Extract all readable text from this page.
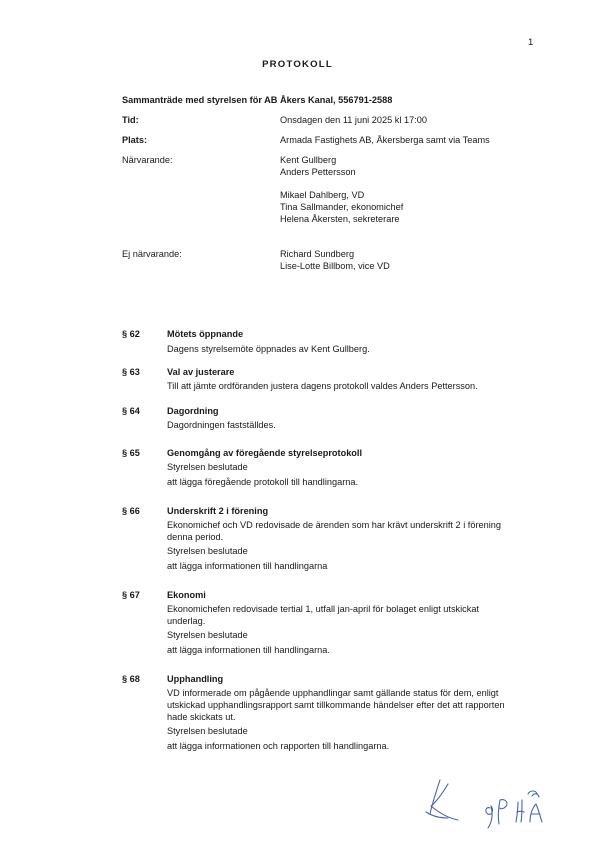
1
PROTOKOLL
Sammanträde med styrelsen för AB Åkers Kanal, 556791-2588
Tid:	Onsdagen den 11 juni 2025 kl 17:00
Plats:	Armada Fastighets AB, Åkersberga samt via Teams
Närvarande:	Kent Gullberg
Anders Pettersson
Mikael Dahlberg, VD
Tina Sallmander, ekonomichef
Helena Åkersten, sekreterare
Ej närvarande:	Richard Sundberg
Lise-Lotte Billbom, vice VD
§ 62	Mötets öppnande
Dagens styrelsemöte öppnades av Kent Gullberg.
§ 63	Val av justerare
Till att jämte ordföranden justera dagens protokoll valdes Anders Pettersson.
§ 64	Dagordning
Dagordningen fastställdes.
§ 65	Genomgång av föregående styrelseprotokoll
Styrelsen beslutade
att lägga föregående protokoll till handlingarna.
§ 66	Underskrift 2 i förening
Ekonomichef och VD redovisade de ärenden som har krävt underskrift 2 i förening
denna period.
Styrelsen beslutade
att lägga informationen till handlingarna
§ 67	Ekonomi
Ekonomichefen redovisade tertial 1, utfall jan-april för bolaget enligt utskickat
underlag.
Styrelsen beslutade
att lägga informationen till handlingarna.
§ 68	Upphandling
VD informerade om pågående upphandlingar samt gällande status för dem, enligt
utskickad upphandlingsrapport samt tillkommande händelser efter det att rapporten
hade skickats ut.
Styrelsen beslutade
att lägga informationen och rapporten till handlingarna.
